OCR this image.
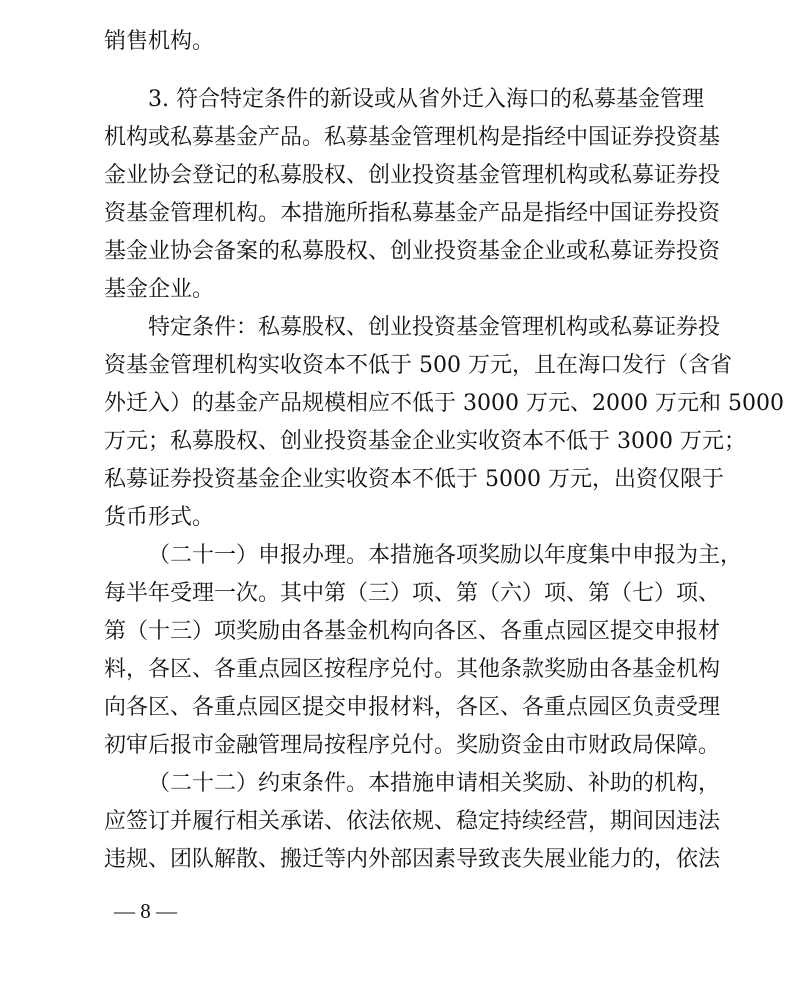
销售机构。
3. 符合特定条件的新设或从省外迁入海口的私募基金管理
机构或私募基金产品。私募基金管理机构是指经中国证券投资基
金业协会登记的私募股权、创业投资基金管理机构或私募证券投
资基金管理机构。本措施所指私募基金产品是指经中国证券投资
基金业协会备案的私募股权、创业投资基金企业或私募证券投资
基金企业。
特定条件：私募股权、创业投资基金管理机构或私募证券投
资基金管理机构实收资本不低于 500 万元，且在海口发行（含省
外迁入）的基金产品规模相应不低于 3000 万元、2000 万元和 5000
万元；私募股权、创业投资基金企业实收资本不低于 3000 万元；
私募证券投资基金企业实收资本不低于 5000 万元，出资仅限于
货币形式。
（二十一）申报办理。本措施各项奖励以年度集中申报为主，
每半年受理一次。其中第（三）项、第（六）项、第（七）项、
第（十三）项奖励由各基金机构向各区、各重点园区提交申报材
料，各区、各重点园区按程序兑付。其他条款奖励由各基金机构
向各区、各重点园区提交申报材料，各区、各重点园区负责受理
初审后报市金融管理局按程序兑付。奖励资金由市财政局保障。
（二十二）约束条件。本措施申请相关奖励、补助的机构，
应签订并履行相关承诺、依法依规、稳定持续经营，期间因违法
违规、团队解散、搬迁等内外部因素导致丧失展业能力的，依法
— 8 —
